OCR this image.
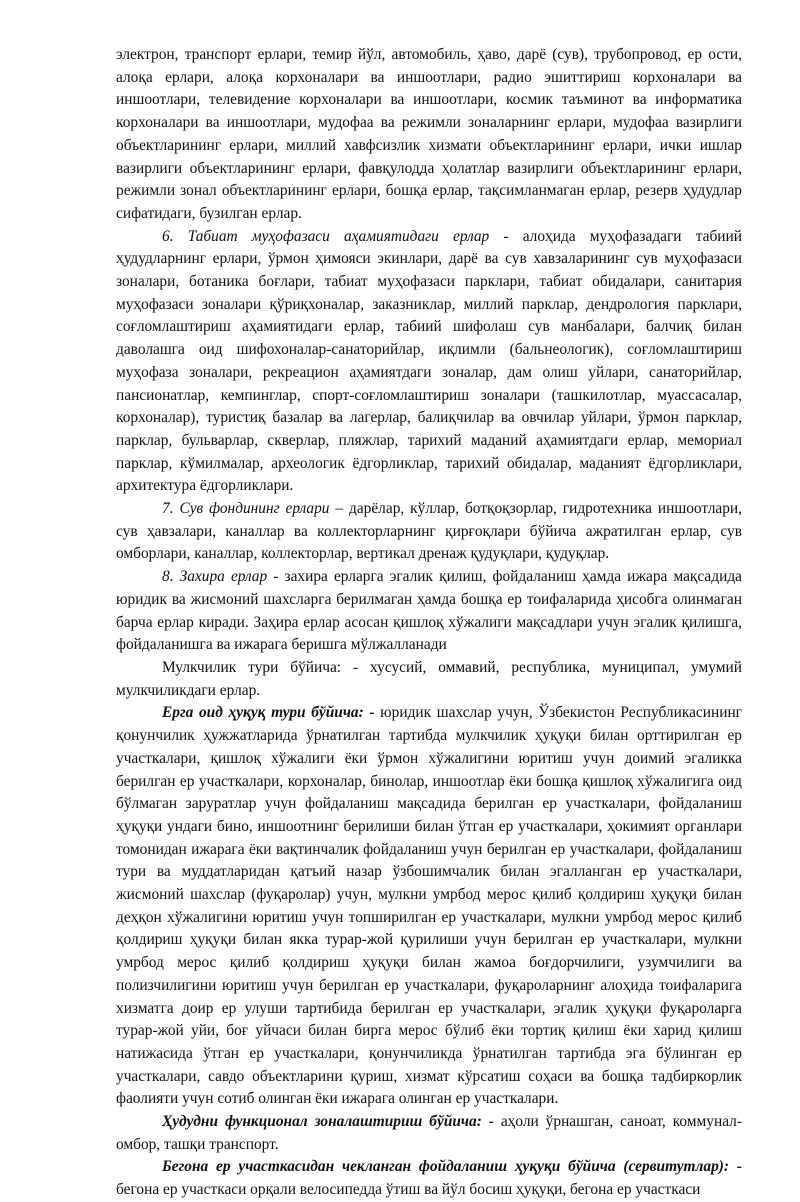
электрон, транспорт ерлари, темир йўл, автомобиль, ҳаво, дарё (сув), трубопровод, ер ости, алоқа ерлари, алоқа корхоналари ва иншоотлари, радио эшиттириш корхоналари ва иншоотлари, телевидение корхоналари ва иншоотлари, космик таъминот ва информатика корхоналари ва иншоотлари, мудофаа ва режимли зоналарнинг ерлари, мудофаа вазирлиги объектларининг ерлари, миллий хавфсизлик хизмати объектларининг ерлари, ички ишлар вазирлиги объектларининг ерлари, фавқулодда ҳолатлар вазирлиги объектларининг ерлари, режимли зонал объектларининг ерлари, бошқа ерлар, тақсимланмаган ерлар, резерв ҳудудлар сифатидаги, бузилган ерлар.

6. Табиат муҳофазаси аҳамиятидаги ерлар - алоҳида муҳофазадаги табиий ҳудудларнинг ерлари, ўрмон ҳимояси экинлари, дарё ва сув хавзаларининг сув муҳофазаси зоналари, ботаника боғлари, табиат муҳофазаси парклари, табиат обидалари, санитария муҳофазаси зоналари қўриқхоналар, заказниклар, миллий парклар, дендрология парклари, соғломлаштириш аҳамиятидаги ерлар, табиий шифолаш сув манбалари, балчиқ билан даволашга оид шифохоналар-санаторийлар, иқлимли (бальнеологик), соғломлаштириш муҳофаза зоналари, рекреацион аҳамиятдаги зоналар, дам олиш уйлари, санаторийлар, пансионатлар, кемпинглар, спорт-соғломлаштириш зоналари (ташкилотлар, муассасалар, корхоналар), туристиқ базалар ва лагерлар, балиқчилар ва овчилар уйлари, ўрмон парклар, парклар, бульварлар, скверлар, пляжлар, тарихий маданий аҳамиятдаги ерлар, мемориал парклар, кўмилмалар, археологик ёдгорликлар, тарихий обидалар, маданият ёдгорликлари, архитектура ёдгорликлари.

7. Сув фондининг ерлари – дарёлар, кўллар, ботқоқзорлар, гидротехника иншоотлари, сув ҳавзалари, каналлар ва коллекторларнинг қирғоқлари бўйича ажратилган ерлар, сув омборлари, каналлар, коллекторлар, вертикал дренаж қудуқлари, қудуқлар.

8. Захира ерлар - захира ерларга эгалик қилиш, фойдаланиш ҳамда ижара мақсадида юридик ва жисмоний шахсларга берилмаган ҳамда бошқа ер тоифаларида ҳисобга олинмаган барча ерлар киради. Заҳира ерлар асосан қишлоқ хўжалиги мақсадлари учун эгалик қилишга, фойдаланишга ва ижарага беришга мўлжалланади

Мулкчилик тури бўйича: - хусусий, оммавий, республика, муниципал, умумий мулкчиликдаги ерлар.

Ерга оид ҳуқуқ тури бўйича: - юридик шахслар учун, Ўзбекистон Республикасининг қонунчилик ҳужжатларида ўрнатилган тартибда мулкчилик ҳуқуқи билан орттирилган ер участкалари, қишлоқ хўжалиги ёки ўрмон хўжалигини юритиш учун доимий эгаликка берилган ер участкалари, корхоналар, бинолар, иншоотлар ёки бошқа қишлоқ хўжалигига оид бўлмаган заруратлар учун фойдаланиш мақсадида берилган ер участкалари, фойдаланиш ҳуқуқи ундаги бино, иншоотнинг берилиши билан ўтган ер участкалари, ҳокимият органлари томонидан ижарага ёки вақтинчалик фойдаланиш учун берилган ер участкалари, фойдаланиш тури ва муддатларидан қатъий назар ўзбошимчалик билан эгалланган ер участкалари, жисмоний шахслар (фуқаролар) учун, мулкни умрбод мерос қилиб қолдириш ҳуқуқи билан деҳқон хўжалигини юритиш учун топширилган ер участкалари, мулкни умрбод мерос қилиб қолдириш ҳуқуқи билан якка турар-жой қурилиши учун берилган ер участкалари, мулкни умрбод мерос қилиб қолдириш ҳуқуқи билан жамоа боғдорчилиги, узумчилиги ва полизчилигини юритиш учун берилган ер участкалари, фуқароларнинг алоҳида тоифаларига хизматга доир ер улуши тартибида берилган ер участкалари, эгалик ҳуқуқи фуқароларга турар-жой уйи, боғ уйчаси билан бирга мерос бўлиб ёки тортиқ қилиш ёки харид қилиш натижасида ўтган ер участкалари, қонунчиликда ўрнатилган тартибда эга бўлинган ер участкалари, савдо объектларини қуриш, хизмат кўрсатиш соҳаси ва бошқа тадбиркорлик фаолияти учун сотиб олинган ёки ижарага олинган ер участкалари.

Ҳудудни функционал зоналаштириш бўйича: - аҳоли ўрнашган, саноат, коммунал-омбор, ташқи транспорт.

Бегона ер участкасидан чекланган фойдаланиш ҳуқуқи бўйича (сервитутлар): - бегона ер участкаси орқали велосипедда ўтиш ва йўл босиш ҳуқуқи, бегона ер участкаси
